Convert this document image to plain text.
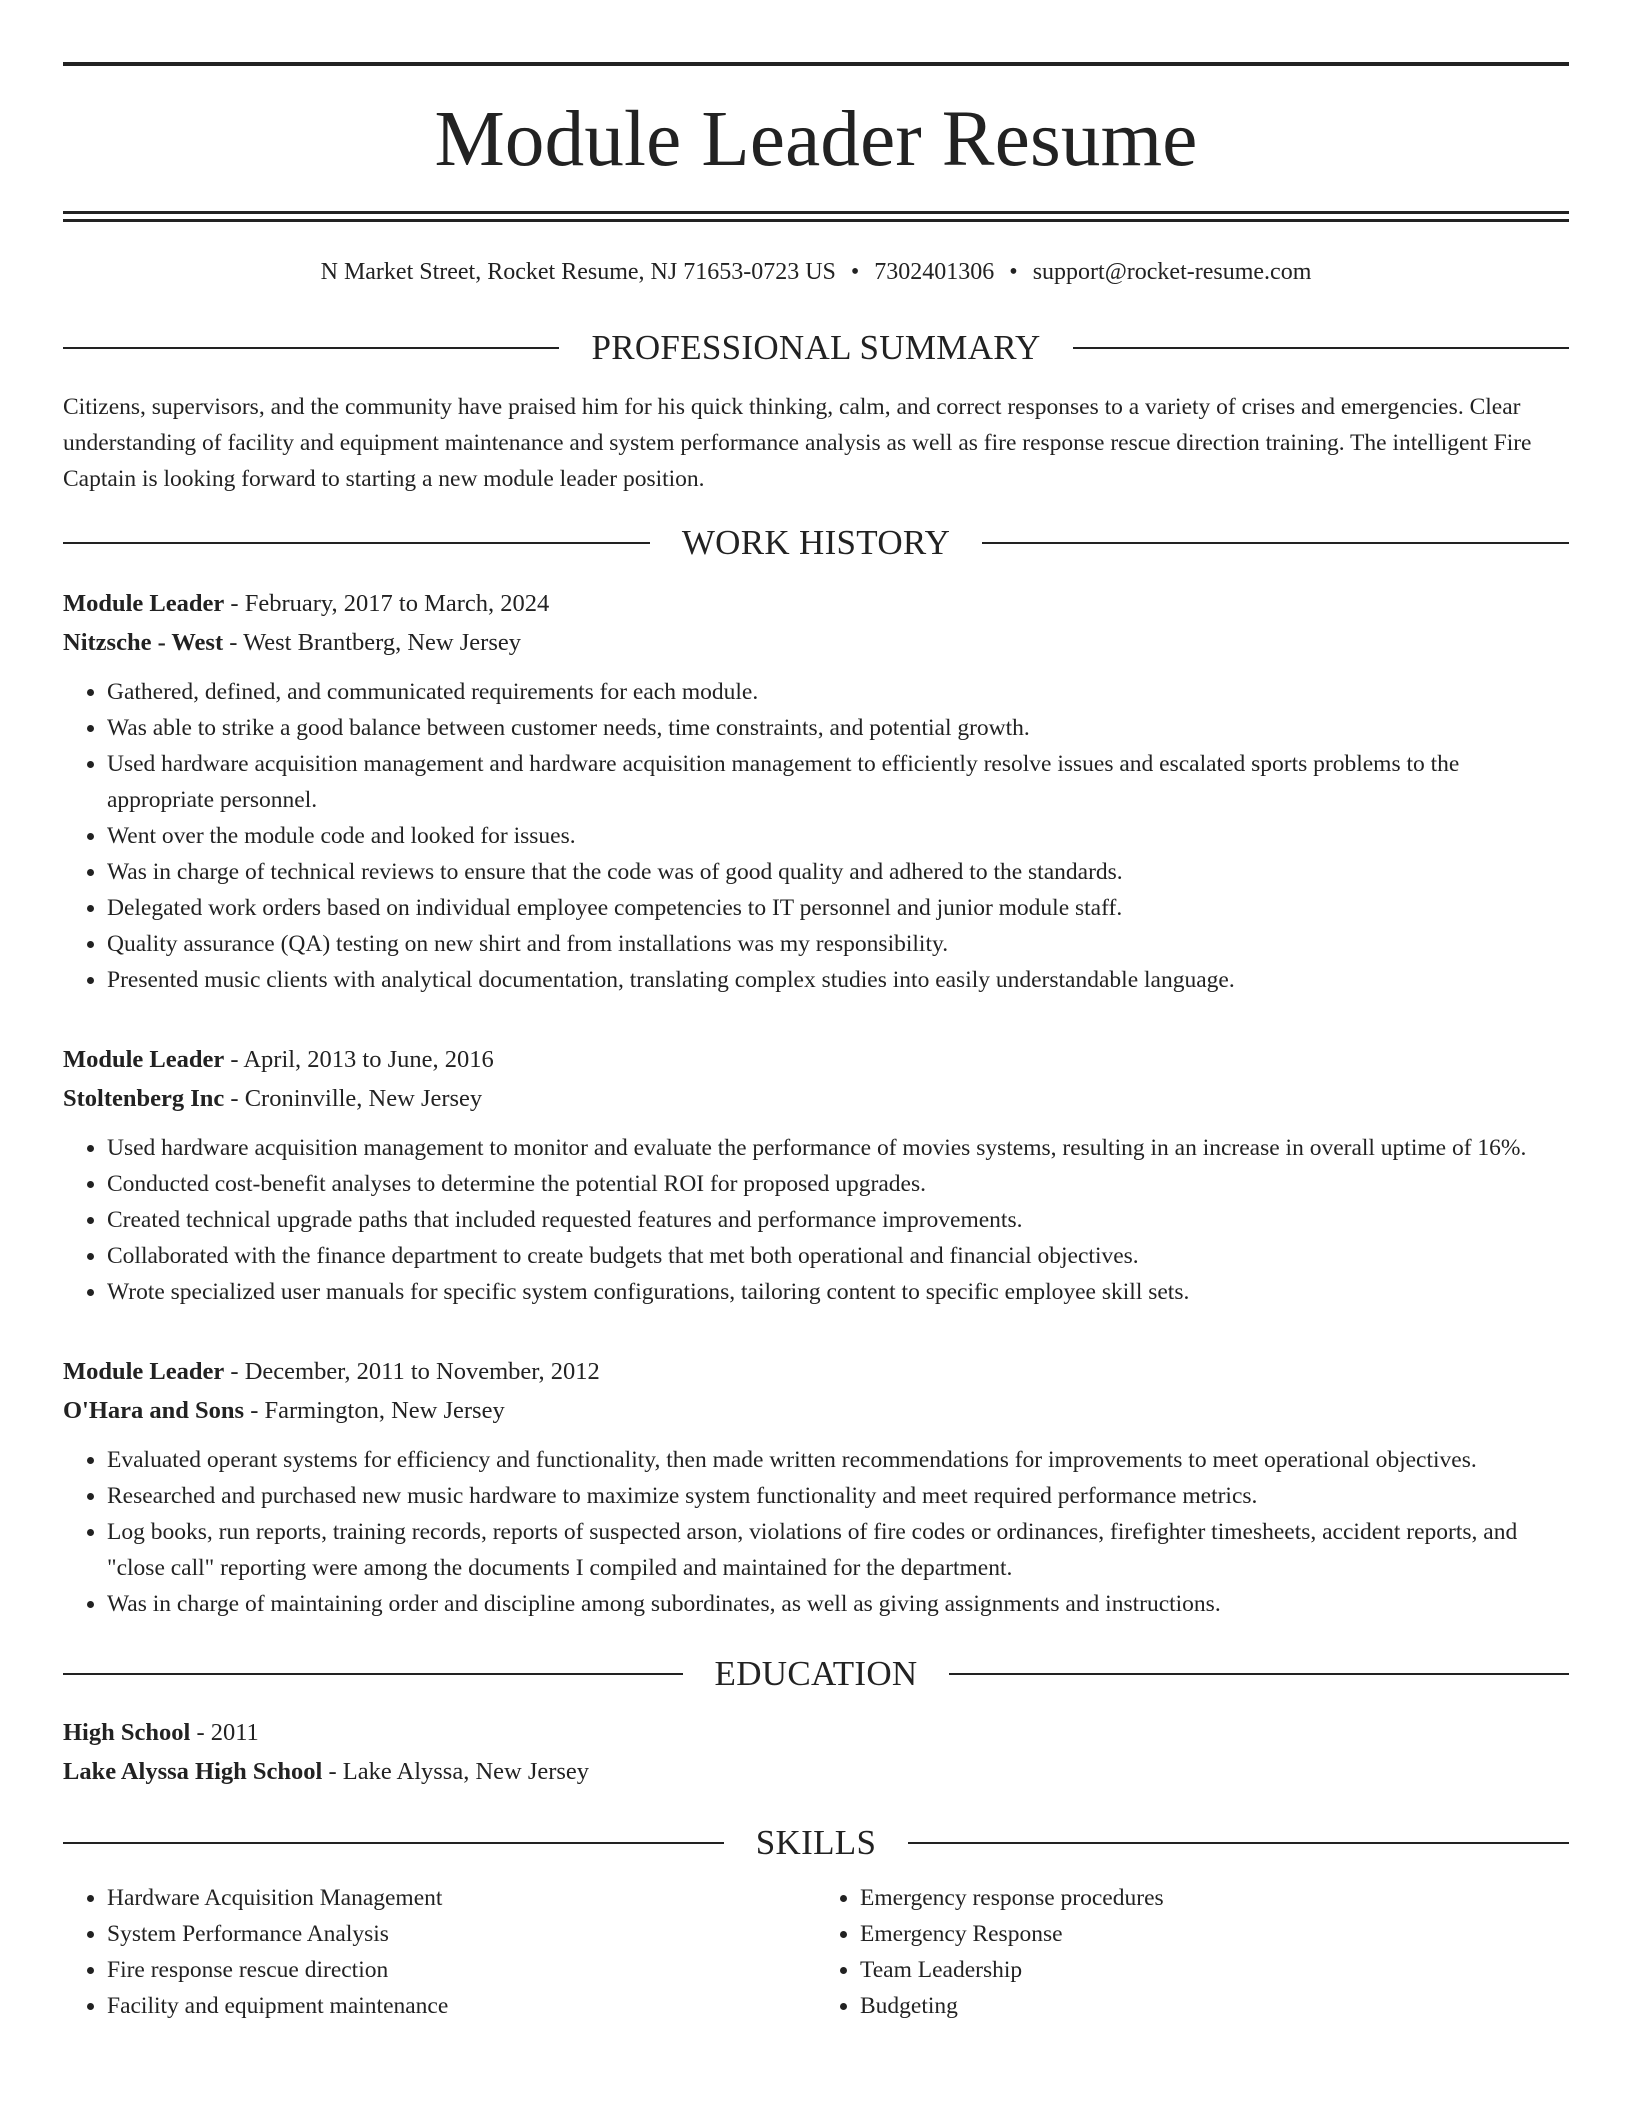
Module Leader Resume
N Market Street, Rocket Resume, NJ 71653-0723 US • 7302401306 • support@rocket-resume.com
PROFESSIONAL SUMMARY
Citizens, supervisors, and the community have praised him for his quick thinking, calm, and correct responses to a variety of crises and emergencies. Clear understanding of facility and equipment maintenance and system performance analysis as well as fire response rescue direction training. The intelligent Fire Captain is looking forward to starting a new module leader position.
WORK HISTORY
Module Leader - February, 2017 to March, 2024
Nitzsche - West - West Brantberg, New Jersey
• Gathered, defined, and communicated requirements for each module.
• Was able to strike a good balance between customer needs, time constraints, and potential growth.
• Used hardware acquisition management and hardware acquisition management to efficiently resolve issues and escalated sports problems to the appropriate personnel.
• Went over the module code and looked for issues.
• Was in charge of technical reviews to ensure that the code was of good quality and adhered to the standards.
• Delegated work orders based on individual employee competencies to IT personnel and junior module staff.
• Quality assurance (QA) testing on new shirt and from installations was my responsibility.
• Presented music clients with analytical documentation, translating complex studies into easily understandable language.
Module Leader - April, 2013 to June, 2016
Stoltenberg Inc - Croninville, New Jersey
• Used hardware acquisition management to monitor and evaluate the performance of movies systems, resulting in an increase in overall uptime of 16%.
• Conducted cost-benefit analyses to determine the potential ROI for proposed upgrades.
• Created technical upgrade paths that included requested features and performance improvements.
• Collaborated with the finance department to create budgets that met both operational and financial objectives.
• Wrote specialized user manuals for specific system configurations, tailoring content to specific employee skill sets.
Module Leader - December, 2011 to November, 2012
O'Hara and Sons - Farmington, New Jersey
• Evaluated operant systems for efficiency and functionality, then made written recommendations for improvements to meet operational objectives.
• Researched and purchased new music hardware to maximize system functionality and meet required performance metrics.
• Log books, run reports, training records, reports of suspected arson, violations of fire codes or ordinances, firefighter timesheets, accident reports, and "close call" reporting were among the documents I compiled and maintained for the department.
• Was in charge of maintaining order and discipline among subordinates, as well as giving assignments and instructions.
EDUCATION
High School - 2011
Lake Alyssa High School - Lake Alyssa, New Jersey
SKILLS
• Hardware Acquisition Management
• System Performance Analysis
• Fire response rescue direction
• Facility and equipment maintenance
• Emergency response procedures
• Emergency Response
• Team Leadership
• Budgeting
